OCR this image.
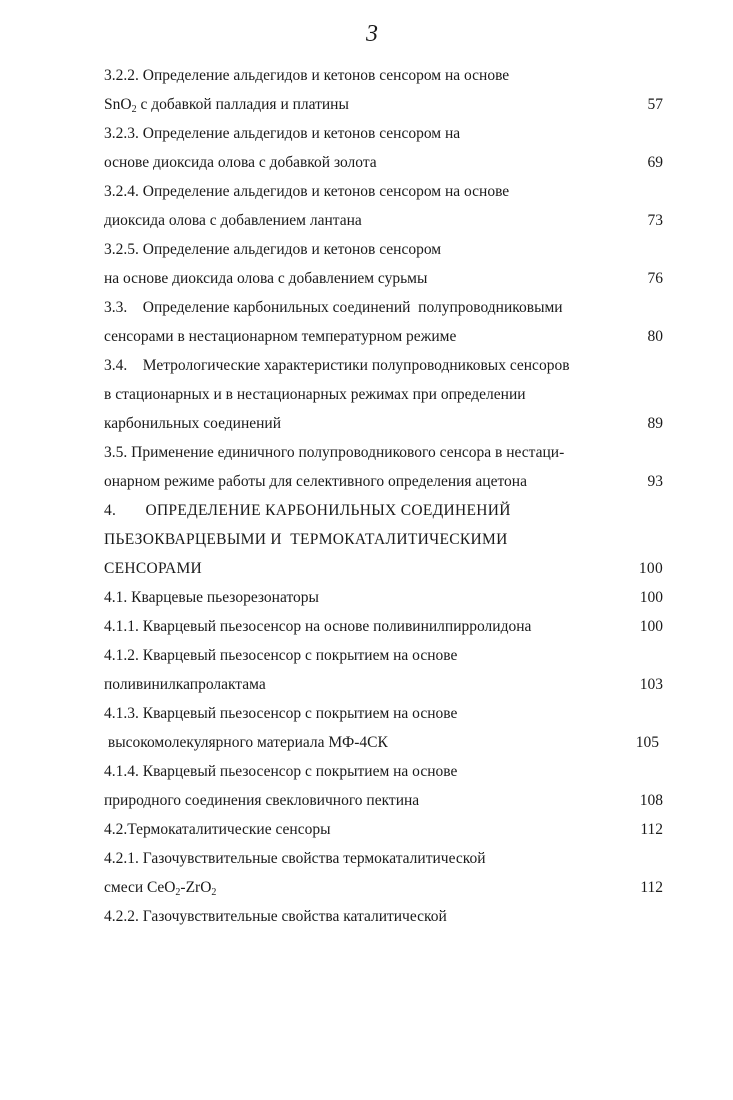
3
3.2.2. Определение альдегидов и кетонов сенсором на основе
SnO$_2$ с добавкой палладия и платины	57
3.2.3. Определение альдегидов и кетонов сенсором на
основе диоксида олова с добавкой золота	69
3.2.4. Определение альдегидов и кетонов сенсором на основе
диоксида олова с добавлением лантана	73
3.2.5. Определение альдегидов и кетонов сенсором
на основе диоксида олова с добавлением сурьмы	76
3.3.    Определение карбонильных соединений  полупроводниковыми
сенсорами в нестационарном температурном режиме	80
3.4.    Метрологические характеристики полупроводниковых сенсоров
в стационарных и в нестационарных режимах при определении
карбонильных соединений	89
3.5. Применение единичного полупроводникового сенсора в нестаци-
онарном режиме работы для селективного определения ацетона	93
4.       ОПРЕДЕЛЕНИЕ КАРБОНИЛЬНЫХ СОЕДИНЕНИЙ
ПЬЕЗОКВАРЦЕВЫМИ И  ТЕРМОКАТАЛИТИЧЕСКИМИ
СЕНСОРАМИ	100
4.1. Кварцевые пьезорезонаторы	100
4.1.1. Кварцевый пьезосенсор на основе поливинилпирролидона	100
4.1.2. Кварцевый пьезосенсор с покрытием на основе
поливинилкапролактама	103
4.1.3. Кварцевый пьезосенсор с покрытием на основе
высокомолекулярного материала МФ-4СК	105
4.1.4. Кварцевый пьезосенсор с покрытием на основе
природного соединения свекловичного пектина	108
4.2.Термокаталитические сенсоры	112
4.2.1. Газочувствительные свойства термокаталитической
смеси CeO$_2$-ZrO$_2$	112
4.2.2. Газочувствительные свойства каталитической
